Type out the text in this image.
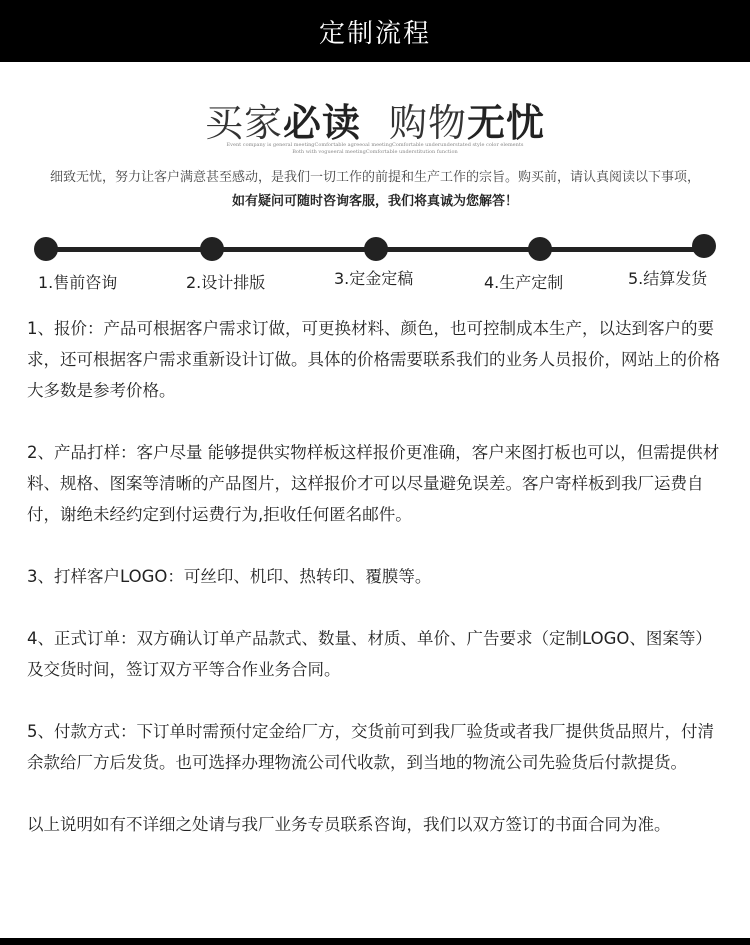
定制流程
买家必读 购物无忧
Event company is general meetingComfortable agreeoal meetingComfortable underunderstated style color elements
Both with vogueeral meetingComfortable understitution function
细致无忧，努力让客户满意甚至感动，是我们一切工作的前提和生产工作的宗旨。购买前，请认真阅读以下事项，
如有疑问可随时咨询客服，我们将真诚为您解答！
1.售前咨询	2.设计排版	3.定金定稿	4.生产定制	5.结算发货

1、报价：产品可根据客户需求订做，可更换材料、颜色，也可控制成本生产，以达到客户的要求，还可根据客户需求重新设计订做。具体的价格需要联系我们的业务人员报价，网站上的价格大多数是参考价格。

2、产品打样：客户尽量 能够提供实物样板这样报价更准确，客户来图打板也可以，但需提供材料、规格、图案等清晰的产品图片，这样报价才可以尽量避免误差。客户寄样板到我厂运费自付，谢绝未经约定到付运费行为,拒收任何匿名邮件。

3、打样客户LOGO：可丝印、机印、热转印、覆膜等。

4、正式订单：双方确认订单产品款式、数量、材质、单价、广告要求（定制LOGO、图案等）及交货时间，签订双方平等合作业务合同。

5、付款方式：下订单时需预付定金给厂方，交货前可到我厂验货或者我厂提供货品照片，付清余款给厂方后发货。也可选择办理物流公司代收款，到当地的物流公司先验货后付款提货。

以上说明如有不详细之处请与我厂业务专员联系咨询，我们以双方签订的书面合同为准。
